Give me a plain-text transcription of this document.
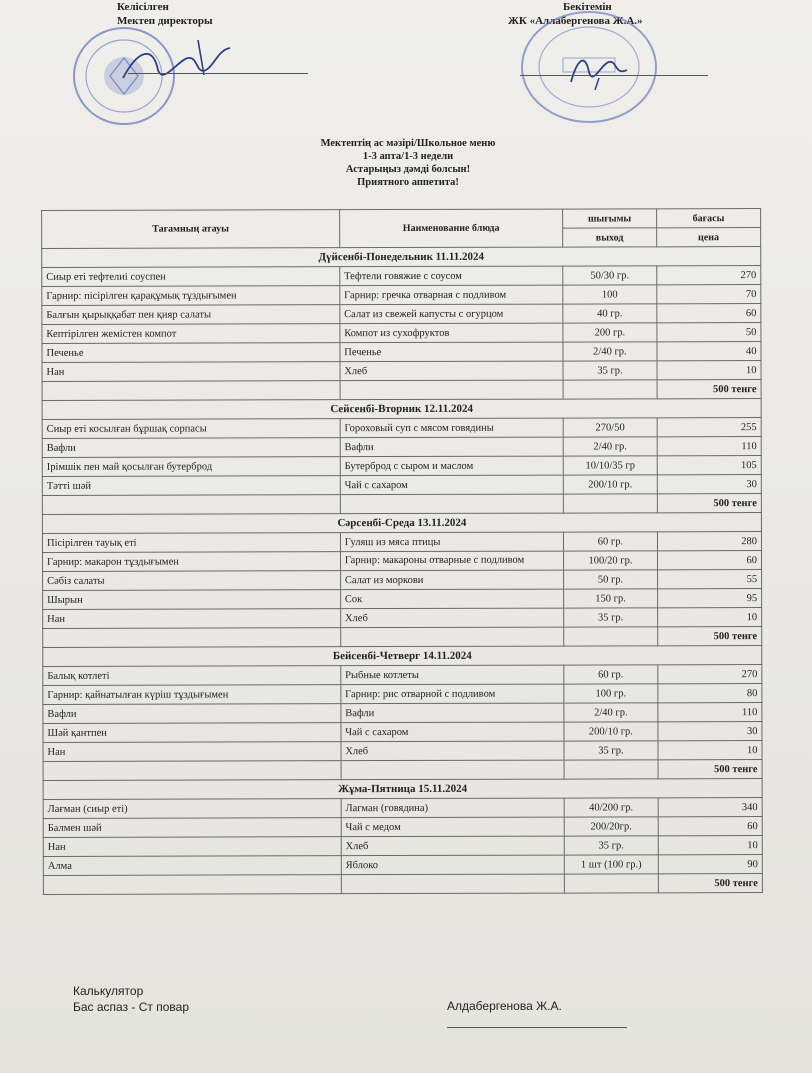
Келісілген
Мектеп директоры
Бекітемін
ЖК «Аллабергенова Ж.А.»
Мектептің ас мәзірі/Школьное меню
1-3 апта/1-3 недели
Астарыңыз дәмді болсын!
Приятного аппетита!
Тағамның атауы	Наименование блюда	шығымы	бағасы
		выход	цена
Дүйсенбі-Понедельник 11.11.2024			
Сиыр еті тефтелиі соуспен	Тефтели говяжие с соусом	50/30 гр.	270
Гарнир: пісірілген қарақұмық тұздығымен	Гарнир: гречка отварная с подливом	100	70
Балғын қырыққабат пен қияр салаты	Салат из свежей капусты с огурцом	40 гр.	60
Кептірілген жемістен компот	Компот из сухофруктов	200 гр.	50
Печенье	Печенье	2/40 гр.	40
Нан	Хлеб	35 гр.	10
			500 тенге
Сейсенбі-Вторник 12.11.2024			
Сиыр еті косылған бұршақ сорпасы	Гороховый суп с мясом говядины	270/50	255
Вафли	Вафли	2/40 гр.	110
Ірімшік пен май қосылған бутерброд	Бутерброд с сыром и маслом	10/10/35 гр	105
Тәтті шәй	Чай с сахаром	200/10 гр.	30
			500 тенге
Сәрсенбі-Среда 13.11.2024			
Пісірілген тауық еті	Гуляш из мяса птицы	60 гр.	280
Гарнир: макарон тұздығымен	Гарнир: макароны отварные с подливом	100/20 гр.	60
Сәбіз салаты	Салат из моркови	50 гр.	55
Шырын	Сок	150 гр.	95
Нан	Хлеб	35 гр.	10
			500 тенге
Бейсенбі-Четверг 14.11.2024			
Балық котлеті	Рыбные котлеты	60 гр.	270
Гарнир: қайнатылған күріш тұздығымен	Гарнир: рис отварной с подливом	100 гр.	80
Вафли	Вафли	2/40 гр.	110
Шәй қантпен	Чай с сахаром	200/10 гр.	30
Нан	Хлеб	35 гр.	10
			500 тенге
Жұма-Пятница 15.11.2024			
Лағман (сиыр еті)	Лагман (говядина)	40/200 гр.	340
Балмен шәй	Чай с медом	200/20гр.	60
Нан	Хлеб	35 гр.	10
Алма	Яблоко	1 шт (100 гр.)	90
			500 тенге
Калькулятор
Бас аспаз - Ст повар	Алдабергенова Ж.А.
